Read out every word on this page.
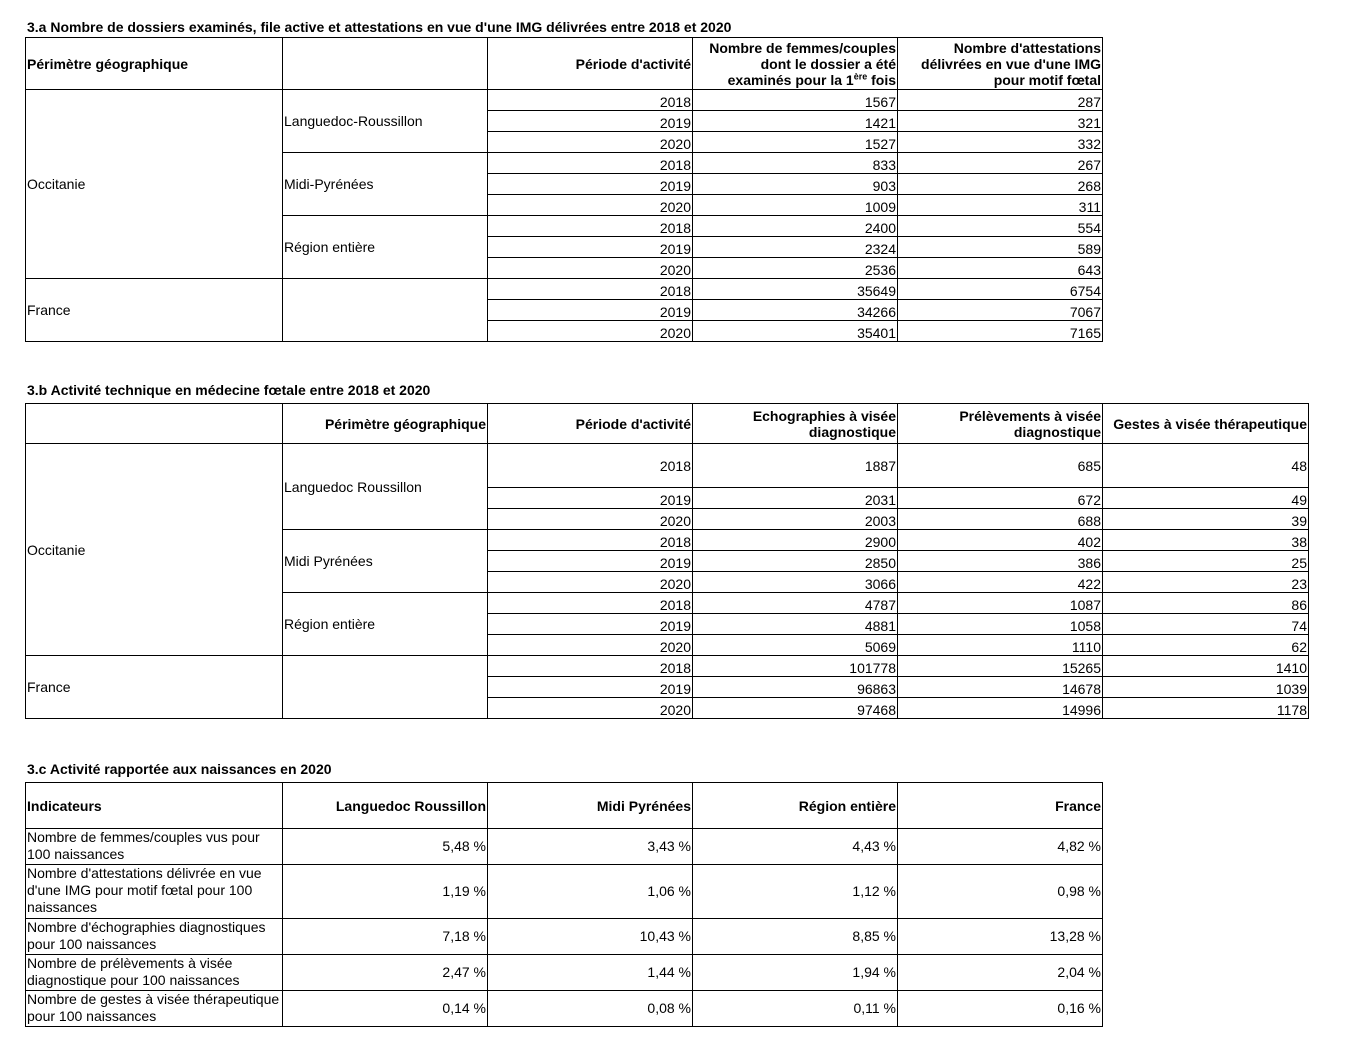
3.a Nombre de dossiers examinés, file active et attestations en vue d'une IMG délivrées entre 2018 et 2020
Périmètre géographique		Période d'activité	Nombre de femmes/couples dont le dossier a été examinés pour la 1ère fois	Nombre d'attestations délivrées en vue d'une IMG pour motif fœtal
Occitanie	Languedoc-Roussillon	2018	1567	287
		2019	1421	321
		2020	1527	332
	Midi-Pyrénées	2018	833	267
		2019	903	268
		2020	1009	311
	Région entière	2018	2400	554
		2019	2324	589
		2020	2536	643
France		2018	35649	6754
		2019	34266	7067
		2020	35401	7165
3.b Activité technique en médecine fœtale entre 2018 et 2020
	Périmètre géographique	Période d'activité	Echographies à visée diagnostique	Prélèvements à visée diagnostique	Gestes à visée thérapeutique
Occitanie	Languedoc Roussillon	2018	1887	685	48
		2019	2031	672	49
		2020	2003	688	39
	Midi Pyrénées	2018	2900	402	38
		2019	2850	386	25
		2020	3066	422	23
	Région entière	2018	4787	1087	86
		2019	4881	1058	74
		2020	5069	1110	62
France		2018	101778	15265	1410
		2019	96863	14678	1039
		2020	97468	14996	1178
3.c Activité rapportée aux naissances en 2020
Indicateurs	Languedoc Roussillon	Midi Pyrénées	Région entière	France
Nombre de femmes/couples vus pour 100 naissances	5,48 %	3,43 %	4,43 %	4,82 %
Nombre d'attestations délivrée en vue d'une IMG pour motif fœtal pour 100 naissances	1,19 %	1,06 %	1,12 %	0,98 %
Nombre d'échographies diagnostiques pour 100 naissances	7,18 %	10,43 %	8,85 %	13,28 %
Nombre de prélèvements à visée diagnostique pour 100 naissances	2,47 %	1,44 %	1,94 %	2,04 %
Nombre de gestes à visée thérapeutique pour 100 naissances	0,14 %	0,08 %	0,11 %	0,16 %
